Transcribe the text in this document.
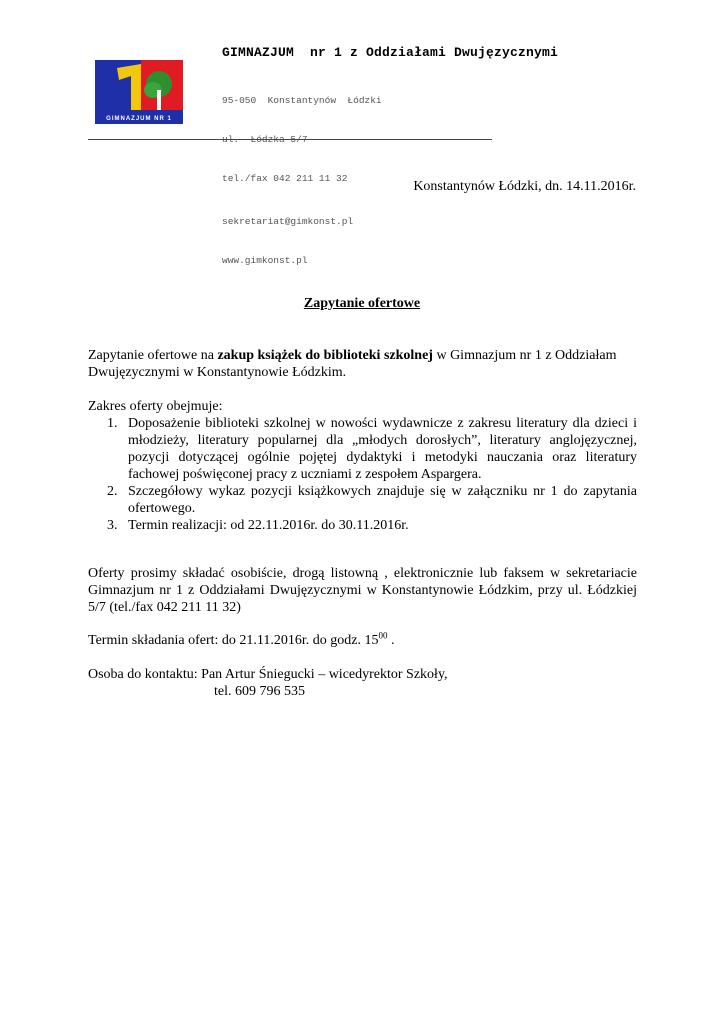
GIMNAZJUM NR 1
GIMNAZJUM  nr 1 z Oddziałami Dwujęzycznymi

95-050  Konstantynów  Łódzki

ul.  Łódzka 5/7

tel./fax 042 211 11 32

sekretariat@gimkonst.pl

www.gimkonst.pl

Konstantynów Łódzki, dn. 14.11.2016r.
Zapytanie ofertowe
Zapytanie ofertowe na zakup książek do biblioteki szkolnej w Gimnazjum nr 1 z Oddziałam Dwujęzycznymi w Konstantynowie Łódzkim.
Zakres oferty obejmuje:
1. Doposażenie biblioteki szkolnej w nowości wydawnicze z zakresu literatury dla dzieci i młodzieży, literatury popularnej dla „młodych dorosłych”, literatury anglojęzycznej, pozycji dotyczącej ogólnie pojętej dydaktyki i metodyki nauczania oraz literatury fachowej poświęconej pracy z uczniami z zespołem Aspargera.
2. Szczegółowy wykaz pozycji książkowych znajduje się w załączniku nr 1 do zapytania ofertowego.
3. Termin realizacji: od 22.11.2016r. do 30.11.2016r.
Oferty prosimy składać osobiście, drogą listowną , elektronicznie lub faksem w sekretariacie Gimnazjum nr 1 z Oddziałami Dwujęzycznymi w Konstantynowie Łódzkim, przy ul. Łódzkiej 5/7 (tel./fax 042 211 11 32)
Termin składania ofert: do 21.11.2016r. do godz. $15^{00}$ .
Osoba do kontaktu: Pan Artur Śniegucki – wicedyrektor Szkoły,
tel. 609 796 535
